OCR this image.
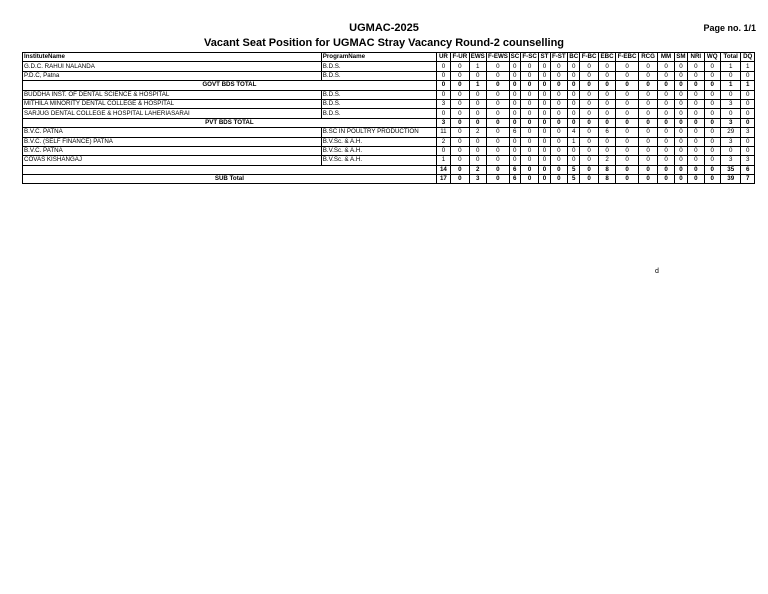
UGMAC-2025
Vacant Seat Position for UGMAC Stray Vacancy Round-2 counselling
Page no. 1/1
InstituteName	ProgramName	UR	F-UR	EWS	F-EWS	SC	F-SC	ST	F-ST	BC	F-BC	EBC	F-EBC	RCG	MM	SM	NRI	WQ	Total	DQ
G.D.C. RAHUI NALANDA	B.D.S.	0	0	1	0	0	0	0	0	0	0	0	0	0	0	0	0	0	1	1
P.D.C, Patna	B.D.S.	0	0	0	0	0	0	0	0	0	0	0	0	0	0	0	0	0	0	0
GOVT BDS TOTAL		0	0	1	0	0	0	0	0	0	0	0	0	0	0	0	0	0	1	1
BUDDHA INST. OF DENTAL SCIENCE & HOSPITAL	B.D.S.	0	0	0	0	0	0	0	0	0	0	0	0	0	0	0	0	0	0	0
MITHILA MINORITY DENTAL COLLEGE & HOSPITAL	B.D.S.	3	0	0	0	0	0	0	0	0	0	0	0	0	0	0	0	0	3	0
SARJUG DENTAL COLLEGE & HOSPITAL LAHERIASARAI	B.D.S.	0	0	0	0	0	0	0	0	0	0	0	0	0	0	0	0	0	0	0
PVT BDS TOTAL		3	0	0	0	0	0	0	0	0	0	0	0	0	0	0	0	0	3	0
B.V.C. PATNA	B.SC IN POULTRY PRODUCTION	11	0	2	0	6	0	0	0	4	0	6	0	0	0	0	0	0	29	3
B.V.C. (SELF FINANCE) PATNA	B.V.Sc. & A.H.	2	0	0	0	0	0	0	0	1	0	0	0	0	0	0	0	0	3	0
B.V.C. PATNA	B.V.Sc. & A.H.	0	0	0	0	0	0	0	0	0	0	0	0	0	0	0	0	0	0	0
COVAS KISHANGAJ	B.V.Sc. & A.H.	1	0	0	0	0	0	0	0	0	0	2	0	0	0	0	0	0	3	3
		14	0	2	0	6	0	0	0	5	0	8	0	0	0	0	0	0	35	6
SUB Total		17	0	3	0	6	0	0	0	5	0	8	0	0	0	0	0	0	39	7
d
